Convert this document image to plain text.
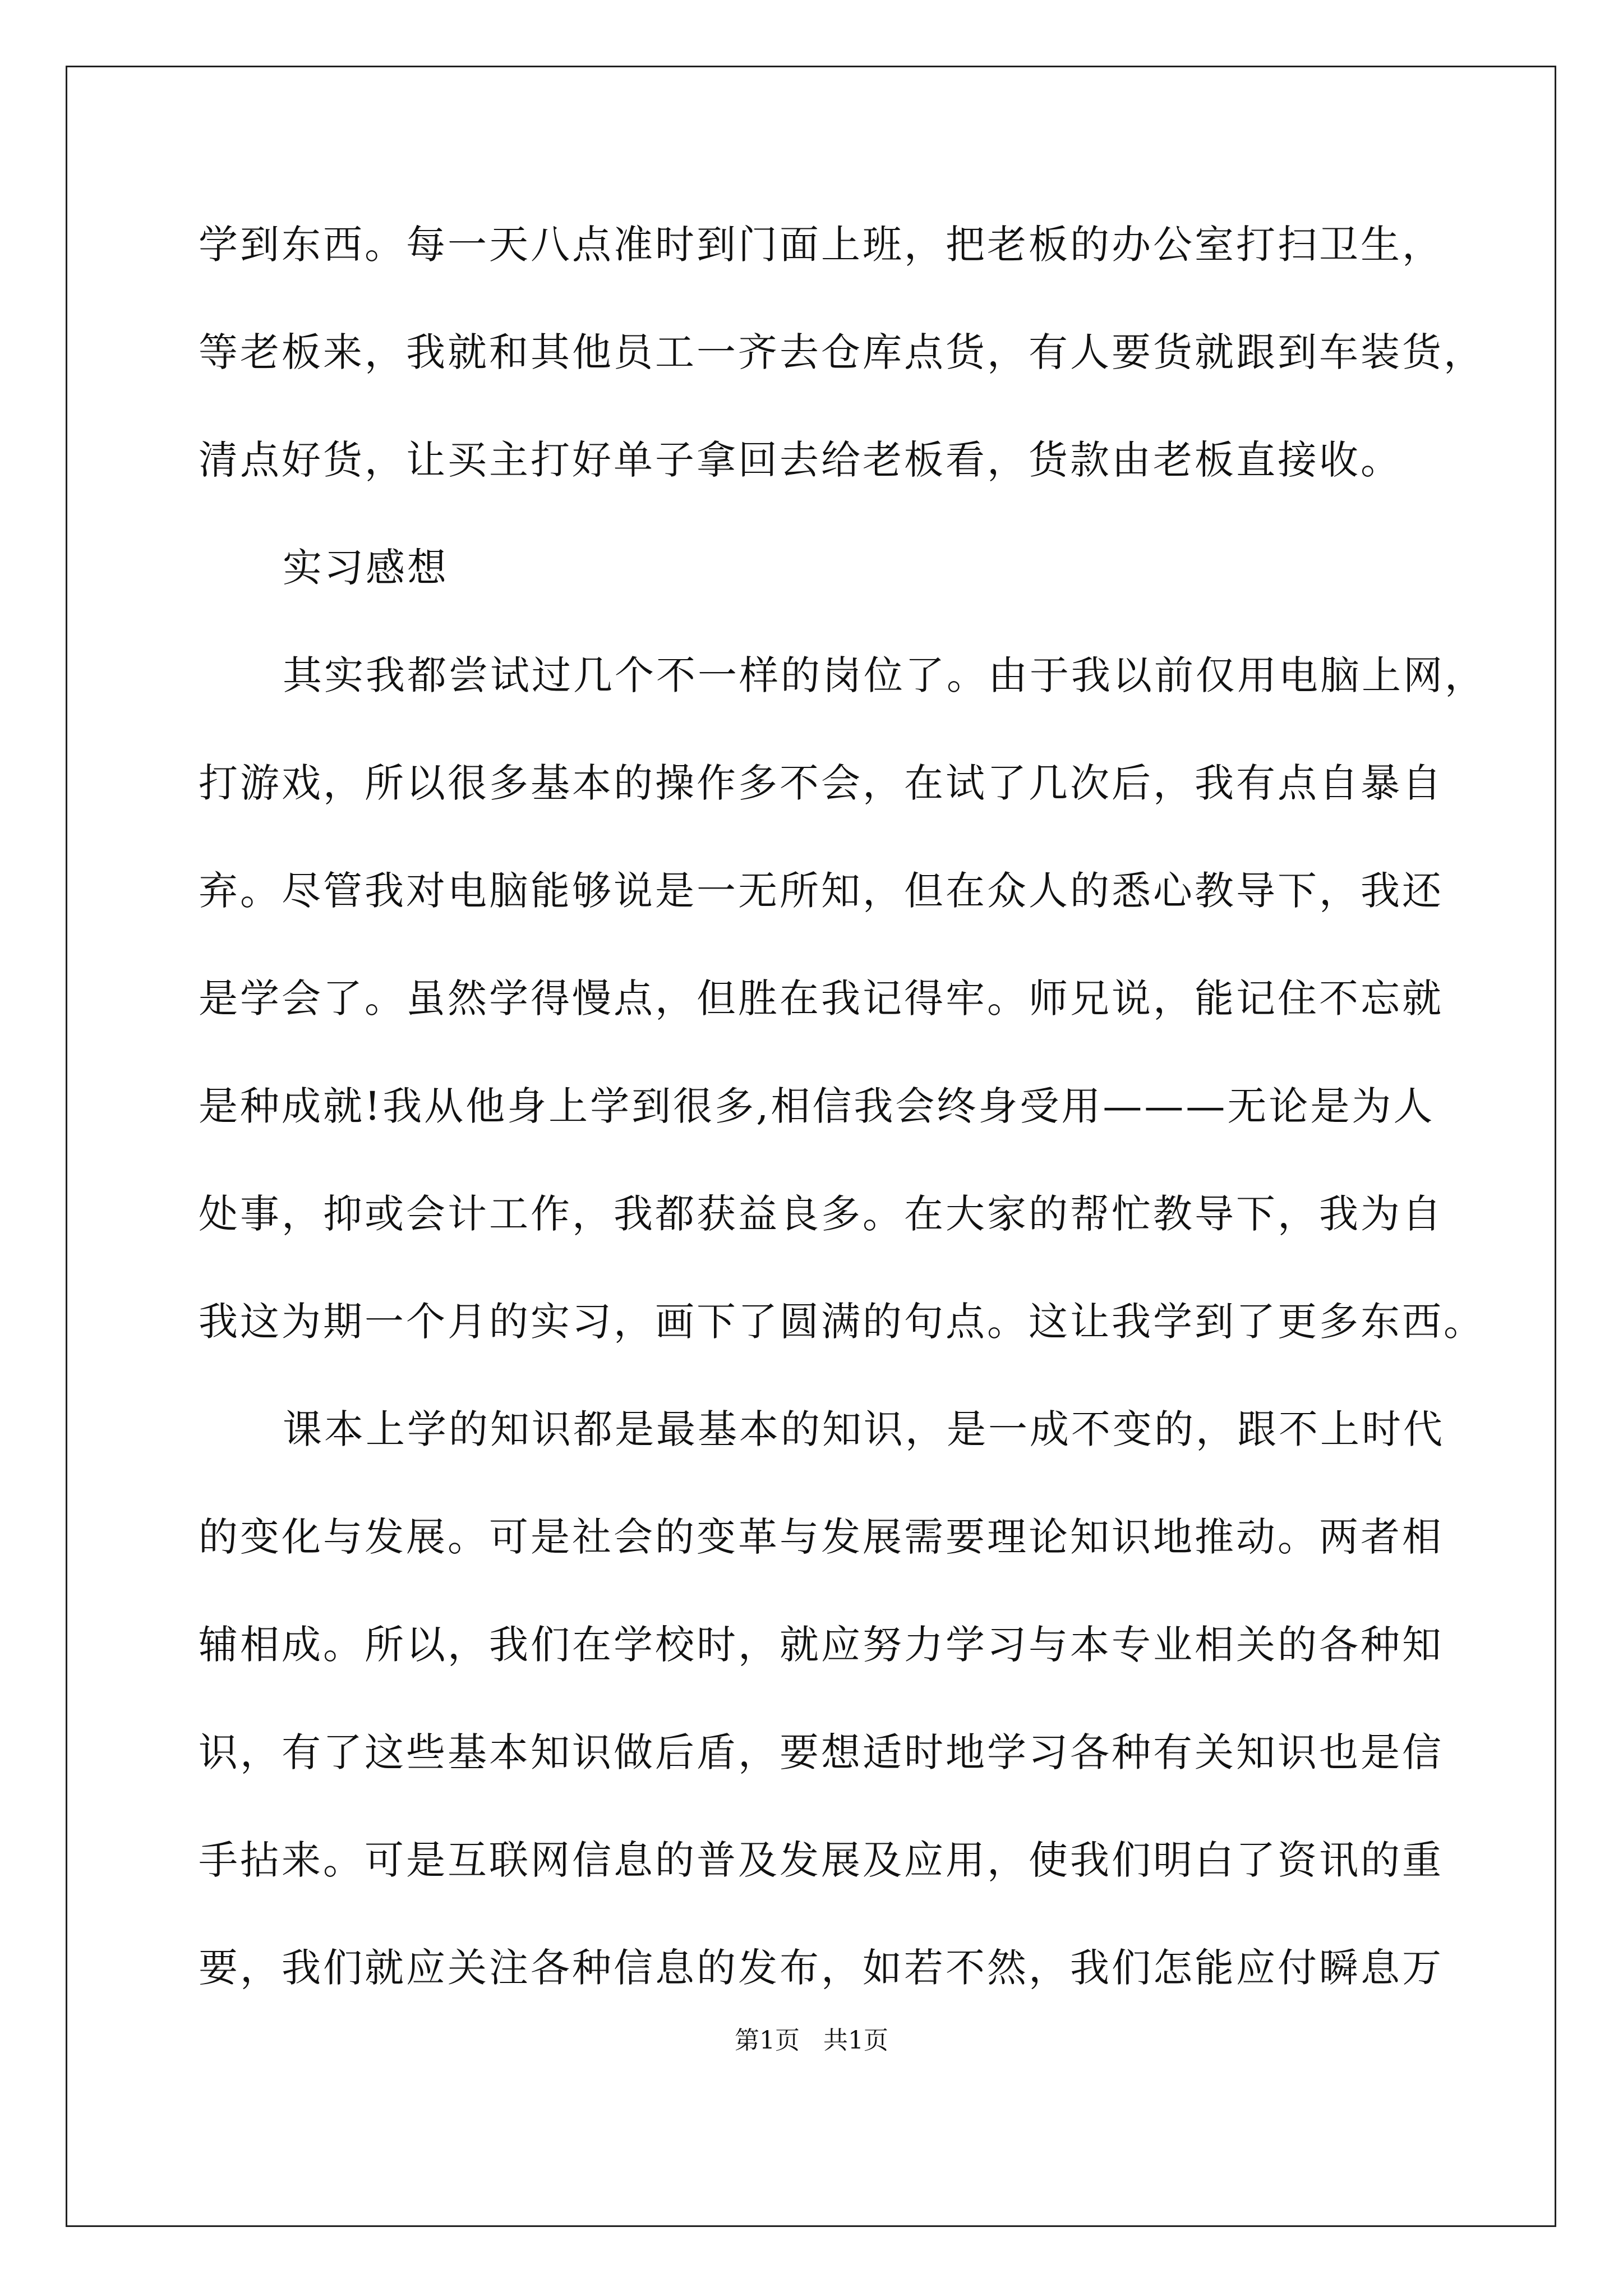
学到东西。每一天八点准时到门面上班，把老板的办公室打扫卫生，
等老板来，我就和其他员工一齐去仓库点货，有人要货就跟到车装货，
清点好货，让买主打好单子拿回去给老板看，货款由老板直接收。
实习感想
其实我都尝试过几个不一样的岗位了。由于我以前仅用电脑上网，
打游戏，所以很多基本的操作多不会，在试了几次后，我有点自暴自
弃。尽管我对电脑能够说是一无所知，但在众人的悉心教导下，我还
是学会了。虽然学得慢点，但胜在我记得牢。师兄说，能记住不忘就
是种成就!我从他身上学到很多,相信我会终身受用———无论是为人
处事，抑或会计工作，我都获益良多。在大家的帮忙教导下，我为自
我这为期一个月的实习，画下了圆满的句点。这让我学到了更多东西。
课本上学的知识都是最基本的知识，是一成不变的，跟不上时代
的变化与发展。可是社会的变革与发展需要理论知识地推动。两者相
辅相成。所以，我们在学校时，就应努力学习与本专业相关的各种知
识，有了这些基本知识做后盾，要想适时地学习各种有关知识也是信
手拈来。可是互联网信息的普及发展及应用，使我们明白了资讯的重
要，我们就应关注各种信息的发布，如若不然，我们怎能应付瞬息万
第1页   共1页
